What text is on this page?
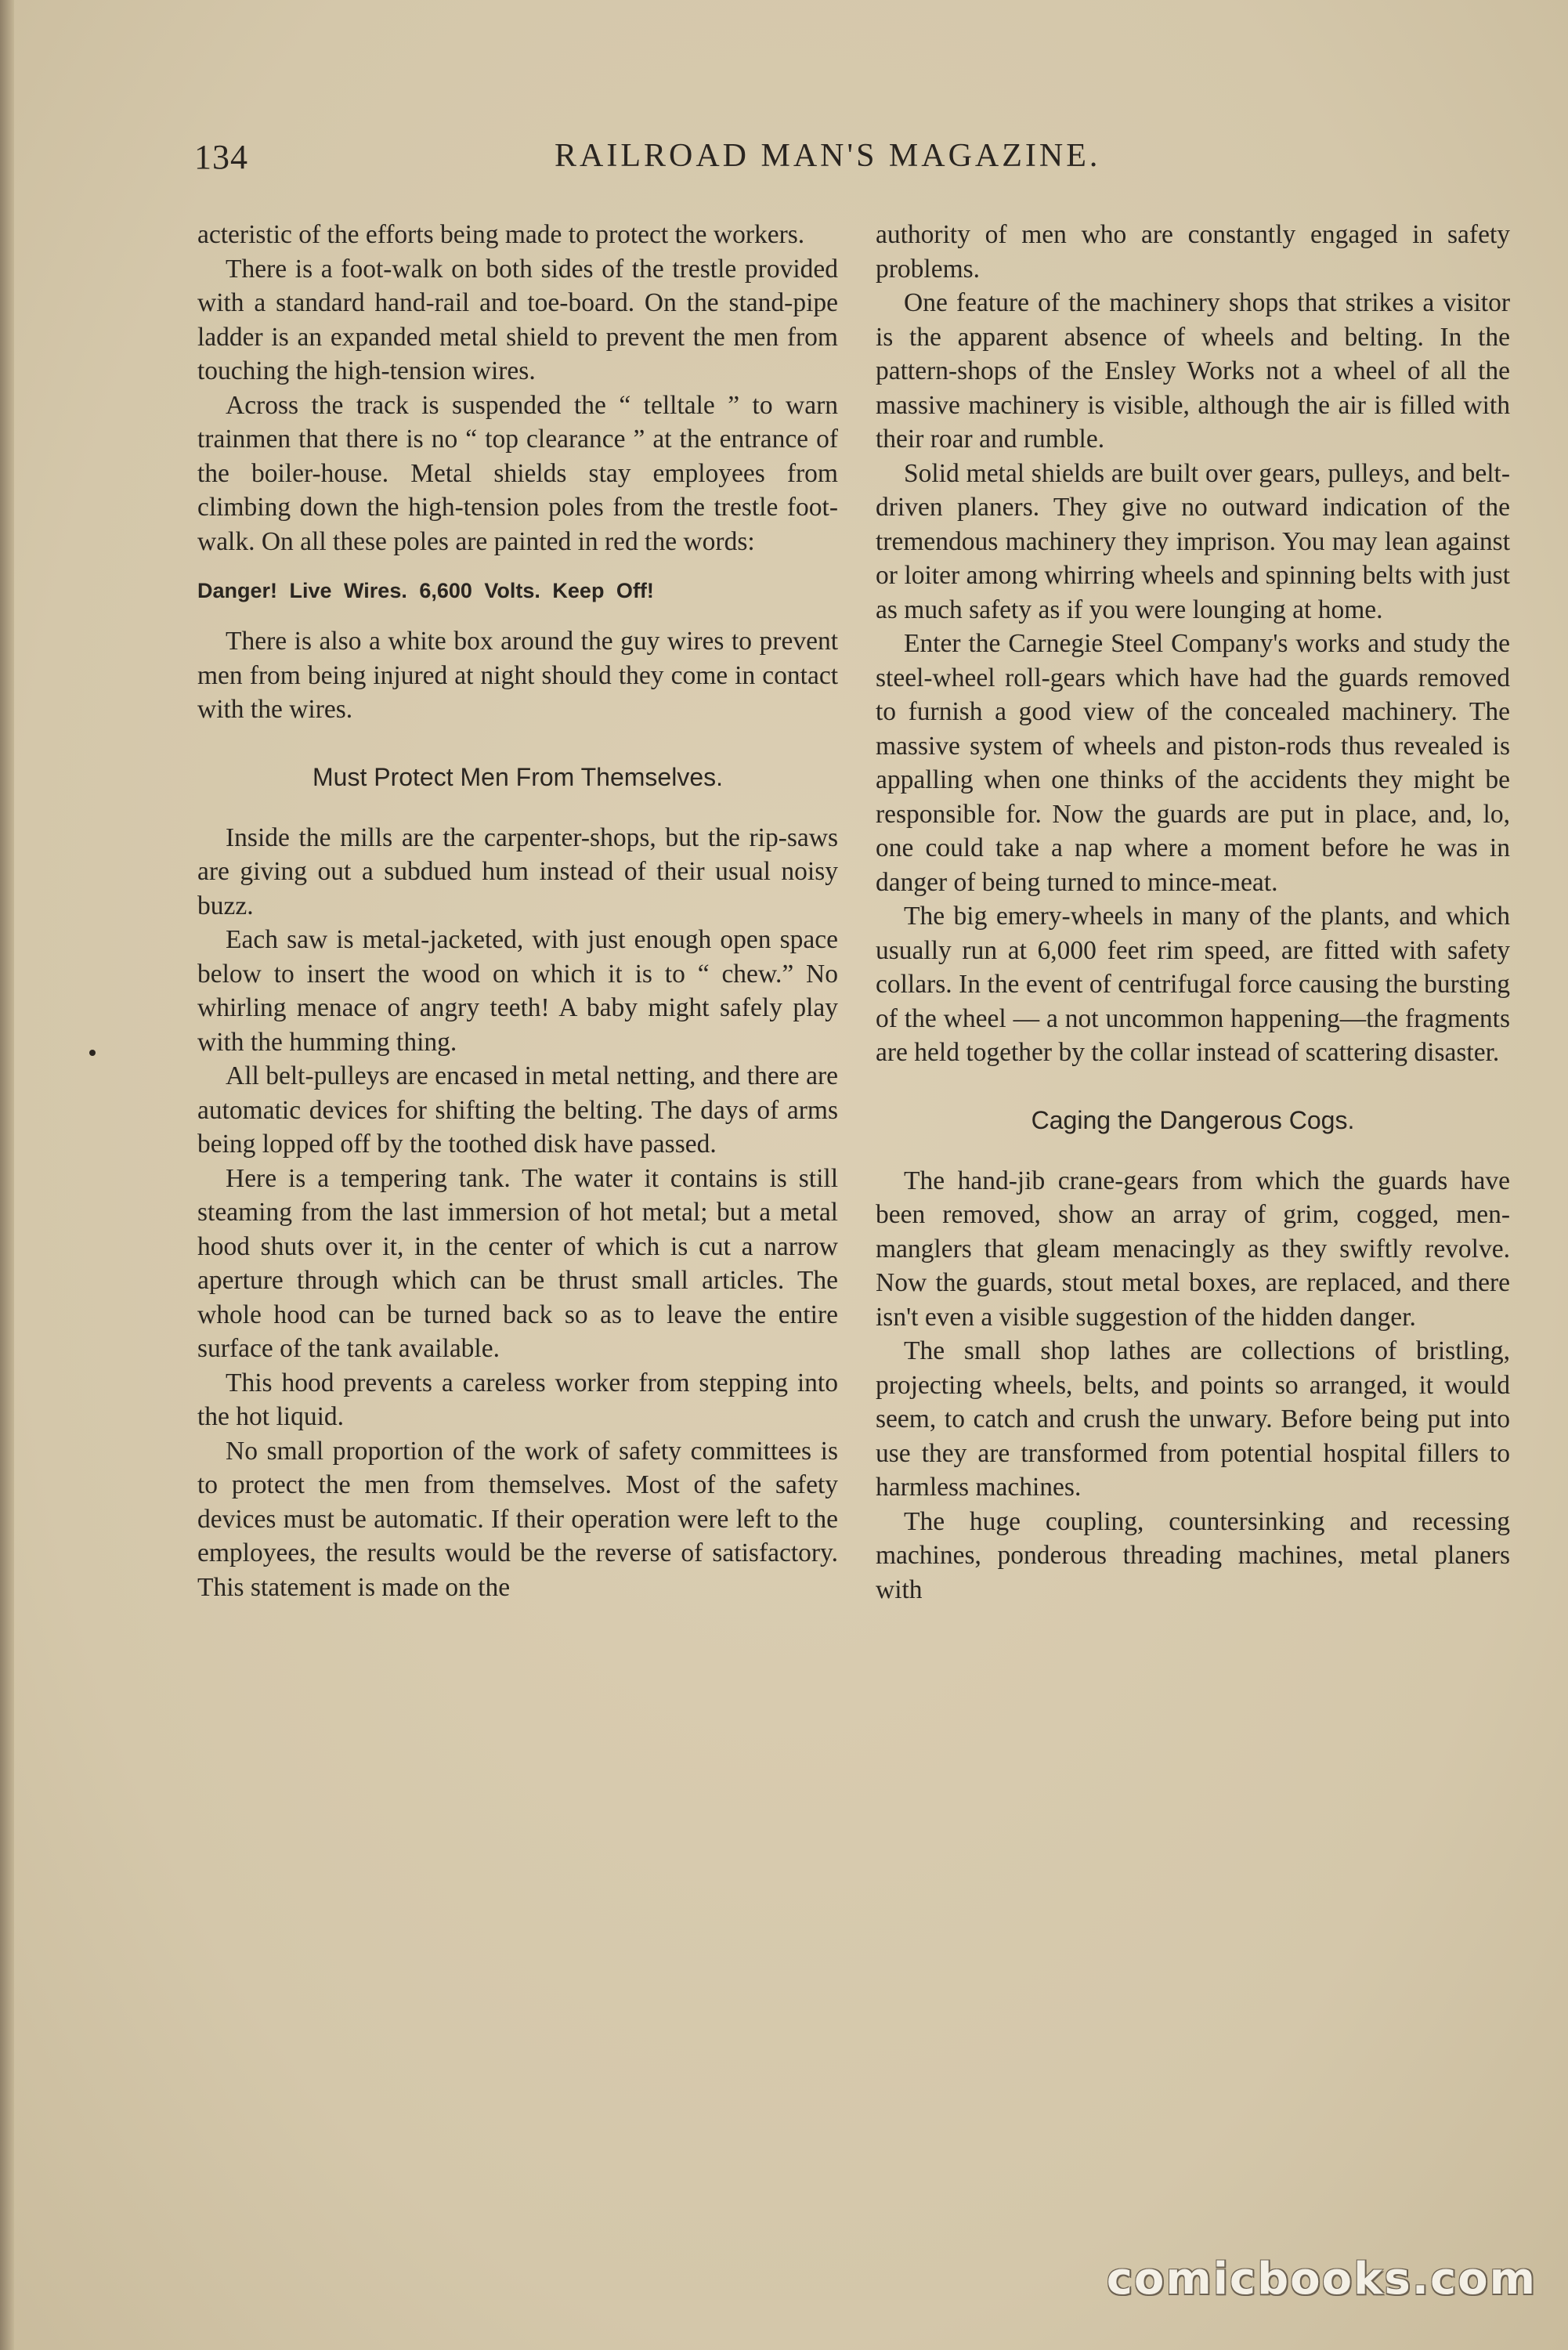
134	RAILROAD MAN'S MAGAZINE.

acteristic of the efforts being made to protect the workers.

There is a foot-walk on both sides of the trestle provided with a standard hand-rail and toe-board. On the stand-pipe ladder is an expanded metal shield to prevent the men from touching the high-tension wires.

Across the track is suspended the “ telltale ” to warn trainmen that there is no “ top clearance ” at the entrance of the boiler-house. Metal shields stay employees from climbing down the high-tension poles from the trestle foot-walk. On all these poles are painted in red the words:

Danger! Live Wires. 6,600 Volts. Keep Off!

There is also a white box around the guy wires to prevent men from being injured at night should they come in contact with the wires.

Must Protect Men From Themselves.

Inside the mills are the carpenter-shops, but the rip-saws are giving out a subdued hum instead of their usual noisy buzz.

Each saw is metal-jacketed, with just enough open space below to insert the wood on which it is to “ chew.” No whirling menace of angry teeth! A baby might safely play with the humming thing.

All belt-pulleys are encased in metal netting, and there are automatic devices for shifting the belting. The days of arms being lopped off by the toothed disk have passed.

Here is a tempering tank. The water it contains is still steaming from the last immersion of hot metal; but a metal hood shuts over it, in the center of which is cut a narrow aperture through which can be thrust small articles. The whole hood can be turned back so as to leave the entire surface of the tank available.

This hood prevents a careless worker from stepping into the hot liquid.

No small proportion of the work of safety committees is to protect the men from themselves. Most of the safety devices must be automatic. If their operation were left to the employees, the results would be the reverse of satisfactory. This statement is made on the

authority of men who are constantly engaged in safety problems.

One feature of the machinery shops that strikes a visitor is the apparent absence of wheels and belting. In the pattern-shops of the Ensley Works not a wheel of all the massive machinery is visible, although the air is filled with their roar and rumble.

Solid metal shields are built over gears, pulleys, and belt-driven planers. They give no outward indication of the tremendous machinery they imprison. You may lean against or loiter among whirring wheels and spinning belts with just as much safety as if you were lounging at home.

Enter the Carnegie Steel Company's works and study the steel-wheel roll-gears which have had the guards removed to furnish a good view of the concealed machinery. The massive system of wheels and piston-rods thus revealed is appalling when one thinks of the accidents they might be responsible for. Now the guards are put in place, and, lo, one could take a nap where a moment before he was in danger of being turned to mince-meat.

The big emery-wheels in many of the plants, and which usually run at 6,000 feet rim speed, are fitted with safety collars. In the event of centrifugal force causing the bursting of the wheel — a not uncommon happening—the fragments are held together by the collar instead of scattering disaster.

Caging the Dangerous Cogs.

The hand-jib crane-gears from which the guards have been removed, show an array of grim, cogged, men-manglers that gleam menacingly as they swiftly revolve. Now the guards, stout metal boxes, are replaced, and there isn't even a visible suggestion of the hidden danger.

The small shop lathes are collections of bristling, projecting wheels, belts, and points so arranged, it would seem, to catch and crush the unwary. Before being put into use they are transformed from potential hospital fillers to harmless machines.

The huge coupling, countersinking and recessing machines, ponderous threading machines, metal planers with

comicbooks.com
